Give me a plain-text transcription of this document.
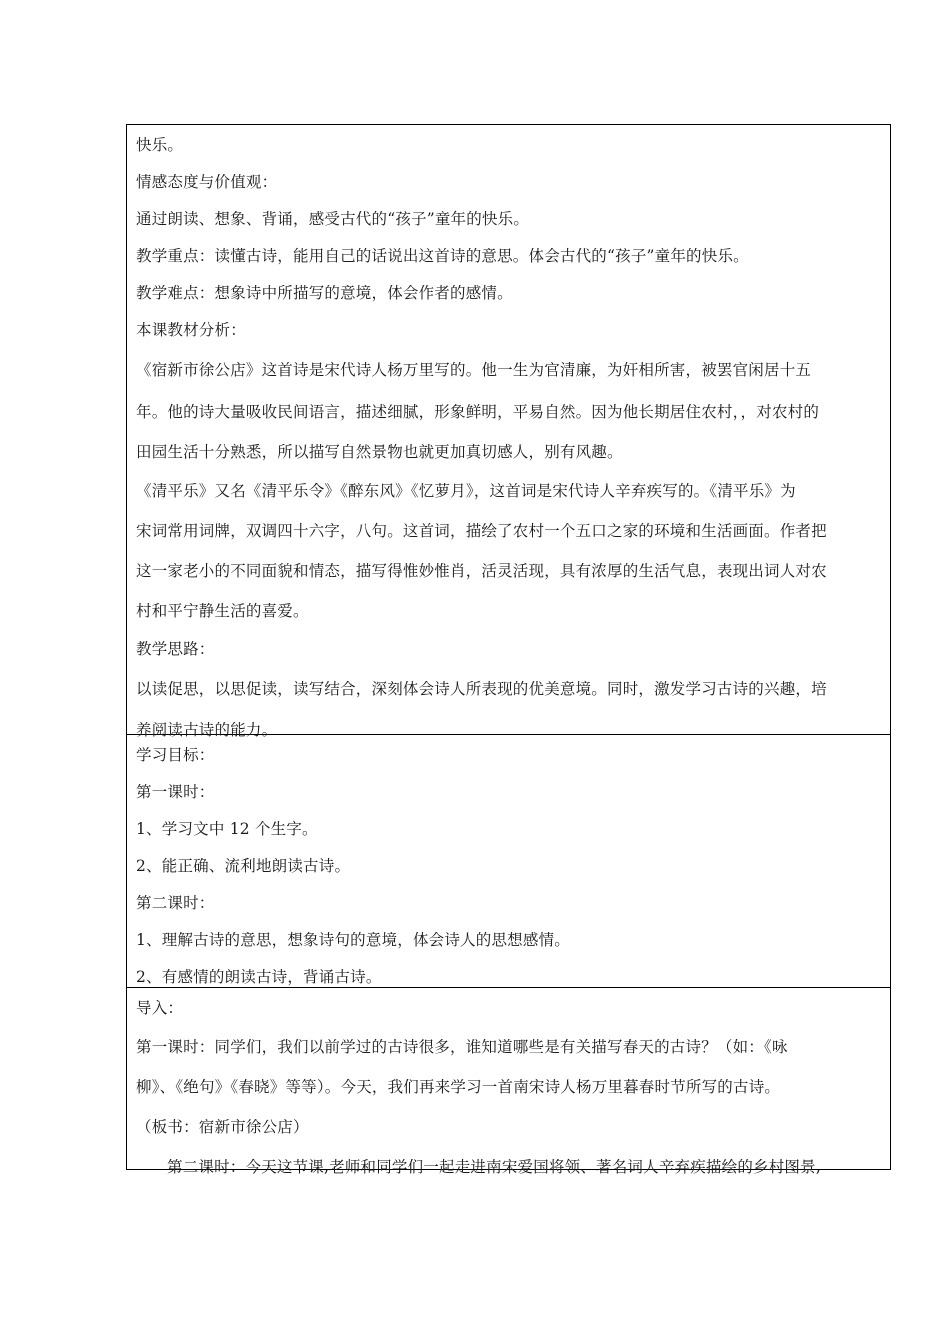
快乐。

情感态度与价值观：

通过朗读、想象、背诵，感受古代的“孩子”童年的快乐。

教学重点：读懂古诗，能用自己的话说出这首诗的意思。体会古代的“孩子”童年的快乐。

教学难点：想象诗中所描写的意境，体会作者的感情。

本课教材分析：

《宿新市徐公店》这首诗是宋代诗人杨万里写的。他一生为官清廉，为奸相所害，被罢官闲居十五

年。他的诗大量吸收民间语言，描述细腻，形象鲜明，平易自然。因为他长期居住农村，，对农村的

田园生活十分熟悉，所以描写自然景物也就更加真切感人，别有风趣。

《清平乐》又名《清平乐令》《醉东风》《忆萝月》，这首词是宋代诗人辛弃疾写的。《清平乐》为

宋词常用词牌，双调四十六字，八句。这首词，描绘了农村一个五口之家的环境和生活画面。作者把

这一家老小的不同面貌和情态，描写得惟妙惟肖，活灵活现，具有浓厚的生活气息，表现出词人对农

村和平宁静生活的喜爱。

教学思路：

以读促思，以思促读，读写结合，深刻体会诗人所表现的优美意境。同时，激发学习古诗的兴趣，培

养阅读古诗的能力。

学习目标：

第一课时：

1、学习文中 12 个生字。

2、能正确、流利地朗读古诗。

第二课时：

1、理解古诗的意思，想象诗句的意境，体会诗人的思想感情。

2、有感情的朗读古诗，背诵古诗。

导入：

第一课时：同学们，我们以前学过的古诗很多，谁知道哪些是有关描写春天的古诗？（如：《咏

柳》、《绝句》《春晓》等等）。今天，我们再来学习一首南宋诗人杨万里暮春时节所写的古诗。

（板书：宿新市徐公店）

第二课时：今天这节课,老师和同学们一起走进南宋爱国将领、著名词人辛弃疾描绘的乡村图景,
